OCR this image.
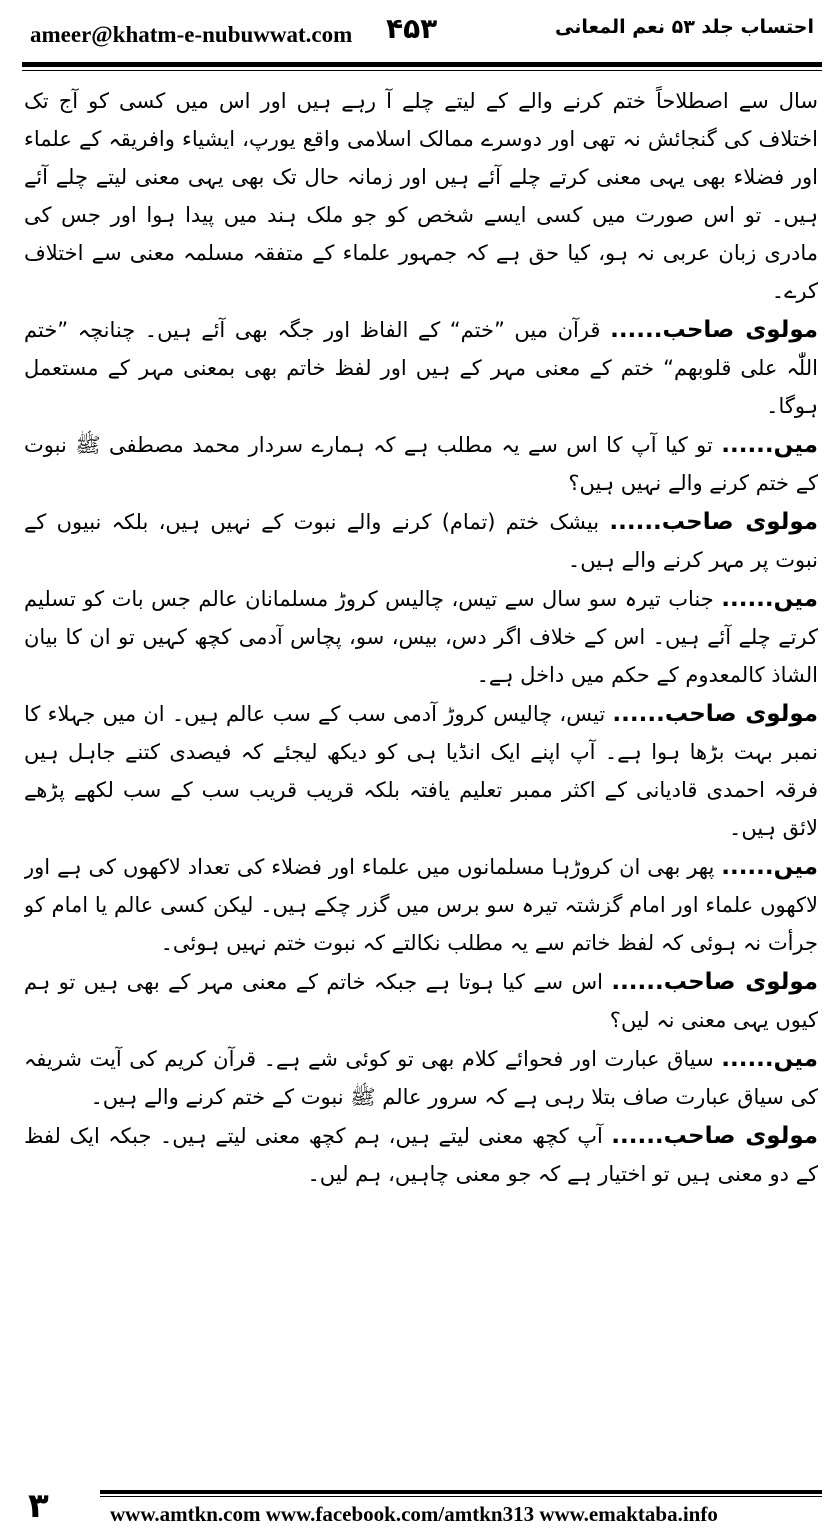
ameer@khatm-e-nubuwwat.com ۴۵۳	احتساب جلد ۵۳ نعم المعانی

سال سے اصطلاحاً ختم کرنے والے کے لیتے چلے آ رہے ہیں اور اس میں کسی کو آج تک اختلاف کی گنجائش نہ تھی اور دوسرے ممالک اسلامی واقع یورپ، ایشیاء وافریقہ کے علماء اور فضلاء بھی یہی معنی کرتے چلے آئے ہیں اور زمانہ حال تک بھی یہی معنی لیتے چلے آئے ہیں۔ تو اس صورت میں کسی ایسے شخص کو جو ملک ہند میں پیدا ہوا اور جس کی مادری زبان عربی نہ ہو، کیا حق ہے کہ جمہور علماء کے متفقہ مسلمہ معنی سے اختلاف کرے۔

مولوی صاحب...... قرآن میں ”ختم“ کے الفاظ اور جگہ بھی آئے ہیں۔ چنانچہ ”ختم اللّٰہ علی قلوبھم“ ختم کے معنی مہر کے ہیں اور لفظ خاتم بھی بمعنی مہر کے مستعمل ہوگا۔

میں...... تو کیا آپ کا اس سے یہ مطلب ہے کہ ہمارے سردار محمد مصطفی ﷺ نبوت کے ختم کرنے والے نہیں ہیں؟

مولوی صاحب...... بیشک ختم (تمام) کرنے والے نبوت کے نہیں ہیں، بلکہ نبیوں کے نبوت پر مہر کرنے والے ہیں۔

میں...... جناب تیرہ سو سال سے تیس، چالیس کروڑ مسلمانان عالم جس بات کو تسلیم کرتے چلے آئے ہیں۔ اس کے خلاف اگر دس، بیس، سو، پچاس آدمی کچھ کہیں تو ان کا بیان الشاذ کالمعدوم کے حکم میں داخل ہے۔

مولوی صاحب...... تیس، چالیس کروڑ آدمی سب کے سب عالم ہیں۔ ان میں جہلاء کا نمبر بہت بڑھا ہوا ہے۔ آپ اپنے ایک انڈیا ہی کو دیکھ لیجئے کہ فیصدی کتنے جاہل ہیں فرقہ احمدی قادیانی کے اکثر ممبر تعلیم یافتہ بلکہ قریب قریب سب کے سب لکھے پڑھے لائق ہیں۔

میں...... پھر بھی ان کروڑہا مسلمانوں میں علماء اور فضلاء کی تعداد لاکھوں کی ہے اور لاکھوں علماء اور امام گزشتہ تیرہ سو برس میں گزر چکے ہیں۔ لیکن کسی عالم یا امام کو جرأت نہ ہوئی کہ لفظ خاتم سے یہ مطلب نکالتے کہ نبوت ختم نہیں ہوئی۔

مولوی صاحب...... اس سے کیا ہوتا ہے جبکہ خاتم کے معنی مہر کے بھی ہیں تو ہم کیوں یہی معنی نہ لیں؟

میں...... سیاق عبارت اور فحوائے کلام بھی تو کوئی شے ہے۔ قرآن کریم کی آیت شریفہ کی سیاق عبارت صاف بتلا رہی ہے کہ سرور عالم ﷺ نبوت کے ختم کرنے والے ہیں۔

مولوی صاحب...... آپ کچھ معنی لیتے ہیں، ہم کچھ معنی لیتے ہیں۔ جبکہ ایک لفظ کے دو معنی ہیں تو اختیار ہے کہ جو معنی چاہیں، ہم لیں۔

۳	www.amtkn.com www.facebook.com/amtkn313 www.emaktaba.info
